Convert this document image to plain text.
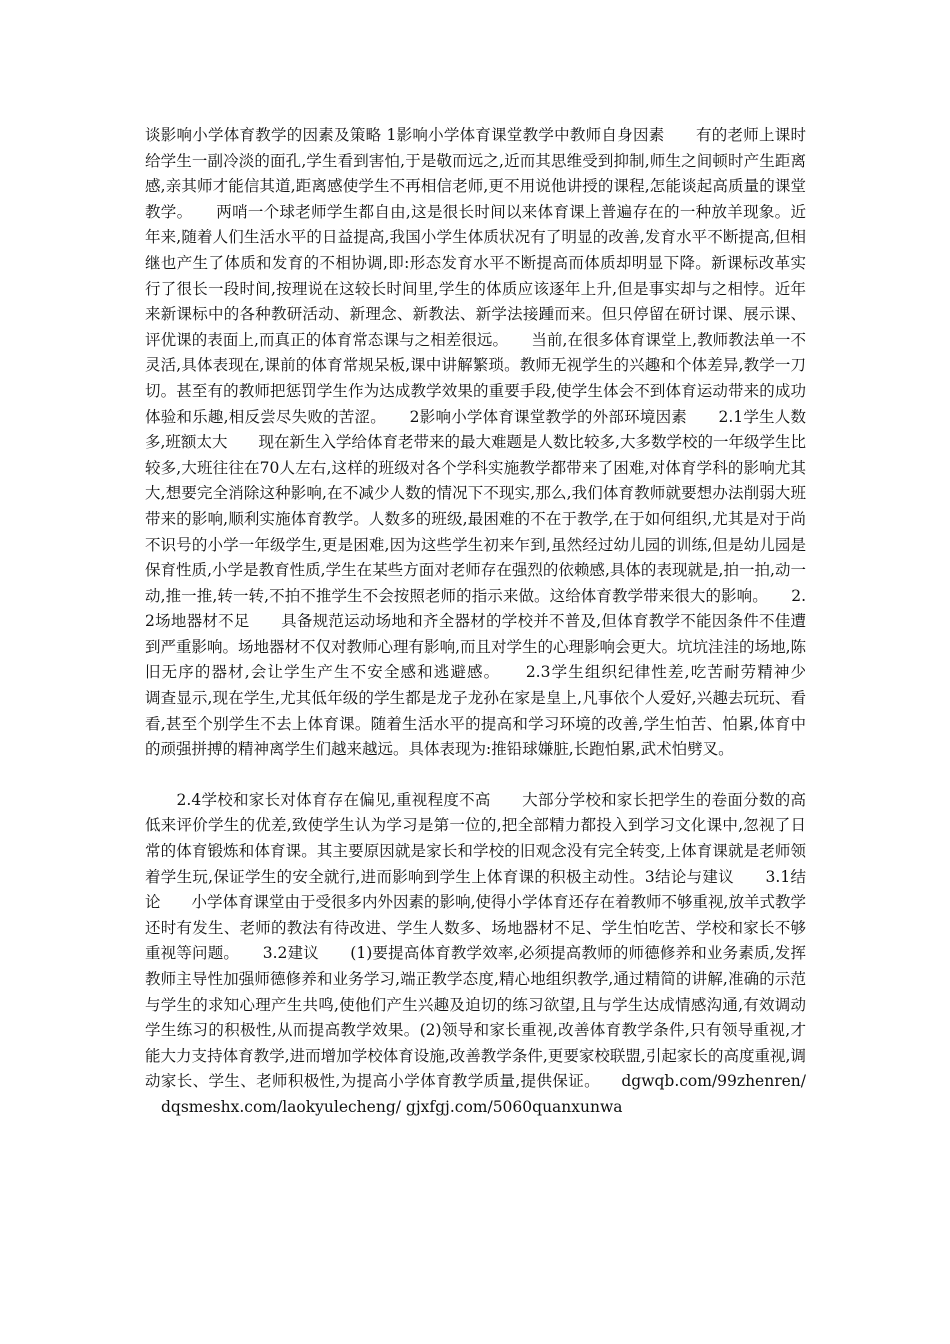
谈影响小学体育教学的因素及策略 1影响小学体育课堂教学中教师自身因素　　有的老师上课时给学生一副冷淡的面孔,学生看到害怕,于是敬而远之,近而其思维受到抑制,师生之间顿时产生距离感,亲其师才能信其道,距离感使学生不再相信老师,更不用说他讲授的课程,怎能谈起高质量的课堂教学。　　两哨一个球老师学生都自由,这是很长时间以来体育课上普遍存在的一种放羊现象。近年来,随着人们生活水平的日益提高,我国小学生体质状况有了明显的改善,发育水平不断提高,但相继也产生了体质和发育的不相协调,即:形态发育水平不断提高而体质却明显下降。新课标改革实行了很长一段时间,按理说在这较长时间里,学生的体质应该逐年上升,但是事实却与之相悖。近年来新课标中的各种教研活动、新理念、新教法、新学法接踵而来。但只停留在研讨课、展示课、评优课的表面上,而真正的体育常态课与之相差很远。　　当前,在很多体育课堂上,教师教法单一不灵活,具体表现在,课前的体育常规呆板,课中讲解繁琐。教师无视学生的兴趣和个体差异,教学一刀切。甚至有的教师把惩罚学生作为达成教学效果的重要手段,使学生体会不到体育运动带来的成功体验和乐趣,相反尝尽失败的苦涩。　　2影响小学体育课堂教学的外部环境因素　　2.1学生人数多,班额太大　　现在新生入学给体育老带来的最大难题是人数比较多,大多数学校的一年级学生比较多,大班往往在70人左右,这样的班级对各个学科实施教学都带来了困难,对体育学科的影响尤其大,想要完全消除这种影响,在不减少人数的情况下不现实,那么,我们体育教师就要想办法削弱大班带来的影响,顺利实施体育教学。人数多的班级,最困难的不在于教学,在于如何组织,尤其是对于尚不识号的小学一年级学生,更是困难,因为这些学生初来乍到,虽然经过幼儿园的训练,但是幼儿园是保育性质,小学是教育性质,学生在某些方面对老师存在强烈的依赖感,具体的表现就是,拍一拍,动一动,推一推,转一转,不拍不推学生不会按照老师的指示来做。这给体育教学带来很大的影响。　　2.2场地器材不足　　具备规范运动场地和齐全器材的学校并不普及,但体育教学不能因条件不佳遭到严重影响。场地器材不仅对教师心理有影响,而且对学生的心理影响会更大。坑坑洼洼的场地,陈旧无序的器材,会让学生产生不安全感和逃避感。　　2.3学生组织纪律性差,吃苦耐劳精神少　　调查显示,现在学生,尤其低年级的学生都是龙子龙孙在家是皇上,凡事依个人爱好,兴趣去玩玩、看看,甚至个别学生不去上体育课。随着生活水平的提高和学习环境的改善,学生怕苦、怕累,体育中的顽强拼搏的精神离学生们越来越远。具体表现为:推铅球嫌脏,长跑怕累,武术怕劈叉。

　　2.4学校和家长对体育存在偏见,重视程度不高　　大部分学校和家长把学生的卷面分数的高低来评价学生的优差,致使学生认为学习是第一位的,把全部精力都投入到学习文化课中,忽视了日常的体育锻炼和体育课。其主要原因就是家长和学校的旧观念没有完全转变,上体育课就是老师领着学生玩,保证学生的安全就行,进而影响到学生上体育课的积极主动性。3结论与建议　　3.1结论　　小学体育课堂由于受很多内外因素的影响,使得小学体育还存在着教师不够重视,放羊式教学还时有发生、老师的教法有待改进、学生人数多、场地器材不足、学生怕吃苦、学校和家长不够重视等问题。　　3.2建议　　(1)要提高体育教学效率,必须提高教师的师德修养和业务素质,发挥教师主导性加强师德修养和业务学习,端正教学态度,精心地组织教学,通过精简的讲解,准确的示范与学生的求知心理产生共鸣,使他们产生兴趣及迫切的练习欲望,且与学生达成情感沟通,有效调动学生练习的积极性,从而提高教学效果。(2)领导和家长重视,改善体育教学条件,只有领导重视,才能大力支持体育教学,进而增加学校体育设施,改善教学条件,更要家校联盟,引起家长的高度重视,调动家长、学生、老师积极性,为提高小学体育教学质量,提供保证。 dgwqb.com/99zhenren/ dqsmeshx.com/laokyulecheng/ gjxfgj.com/5060quanxunwa
